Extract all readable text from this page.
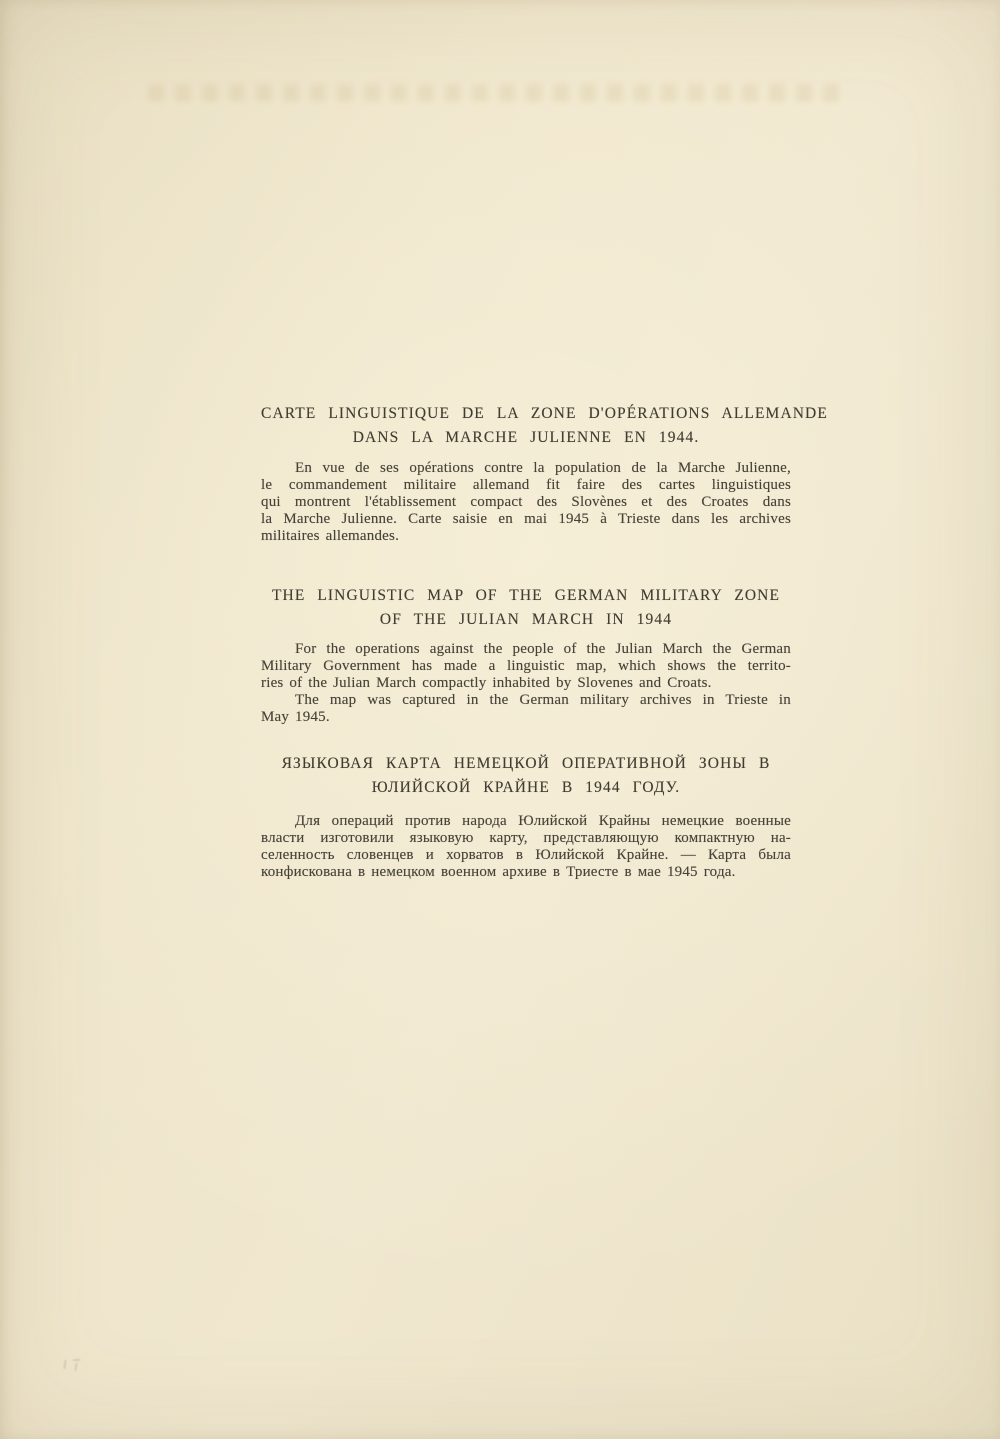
CARTE LINGUISTIQUE DE LA ZONE D'OPÉRATIONS ALLEMANDE
DANS LA MARCHE JULIENNE EN 1944.

En vue de ses opérations contre la population de la Marche Julienne,
le commandement militaire allemand fit faire des cartes linguistiques
qui montrent l'établissement compact des Slovènes et des Croates dans
la Marche Julienne. Carte saisie en mai 1945 à Trieste dans les archives
militaires allemandes.

THE LINGUISTIC MAP OF THE GERMAN MILITARY ZONE
OF THE JULIAN MARCH IN 1944

For the operations against the people of the Julian March the German
Military Government has made a linguistic map, which shows the territo-
ries of the Julian March compactly inhabited by Slovenes and Croats.

The map was captured in the German military archives in Trieste in
May 1945.

ЯЗЫКОВАЯ КАРТА НЕМЕЦКОЙ ОПЕРАТИВНОЙ ЗОНЫ В
ЮЛИЙСКОЙ КРАЙНЕ В 1944 ГОДУ.

Для операций против народа Юлийской Крайны немецкие военные
власти изготовили языковую карту, представляющую компактную на-
селенность словенцев и хорватов в Юлийской Крайне. — Карта была
конфискована в немецком военном архиве в Триесте в мае 1945 года.
